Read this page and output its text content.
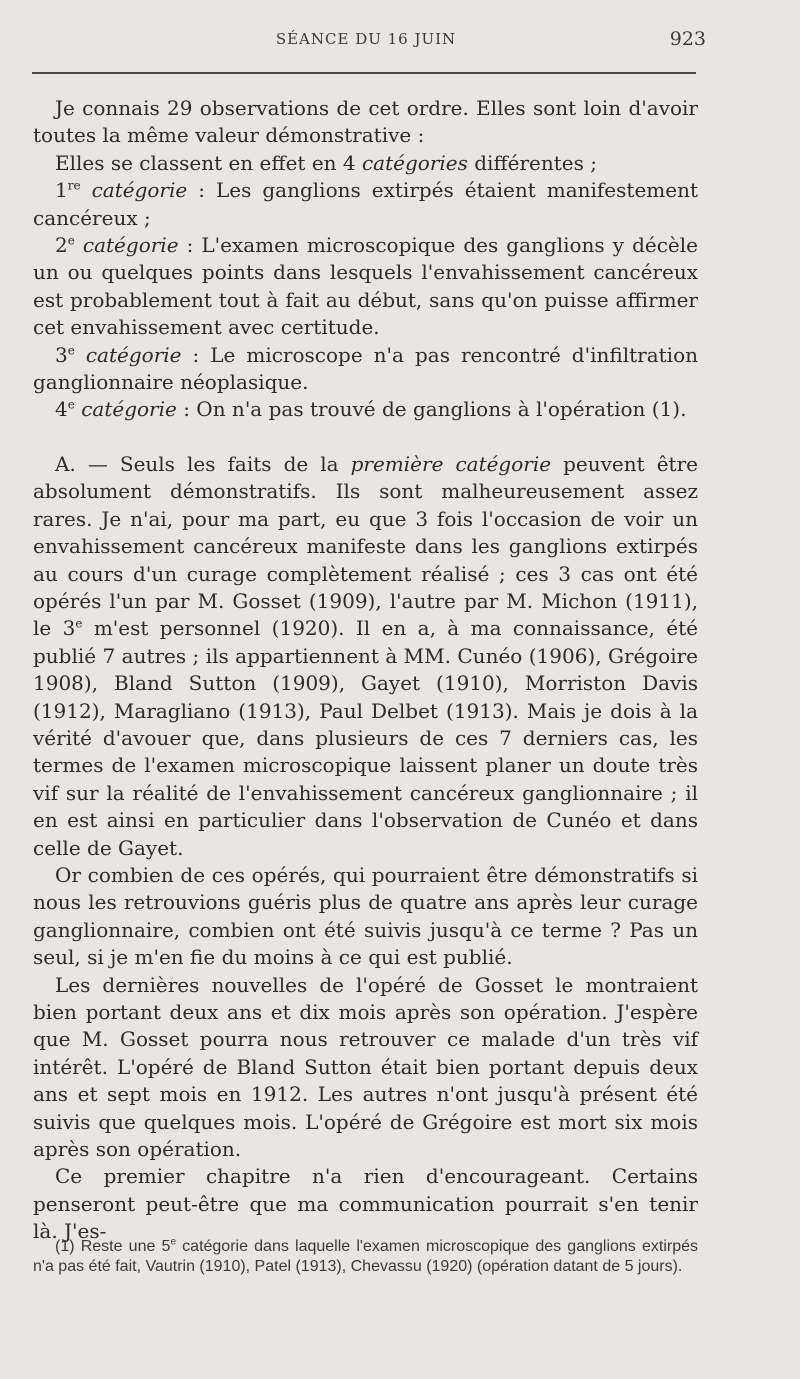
SÉANCE DU 16 JUIN	923

Je connais 29 observations de cet ordre. Elles sont loin d'avoir toutes la même valeur démonstrative :

Elles se classent en effet en 4 catégories différentes ;

1re catégorie : Les ganglions extirpés étaient manifestement cancéreux ;

2e catégorie : L'examen microscopique des ganglions y décèle un ou quelques points dans lesquels l'envahissement cancéreux est probablement tout à fait au début, sans qu'on puisse affirmer cet envahissement avec certitude.

3e catégorie : Le microscope n'a pas rencontré d'infiltration ganglionnaire néoplasique.

4e catégorie : On n'a pas trouvé de ganglions à l'opération (1).

A. — Seuls les faits de la première catégorie peuvent être absolument démonstratifs. Ils sont malheureusement assez rares. Je n'ai, pour ma part, eu que 3 fois l'occasion de voir un envahissement cancéreux manifeste dans les ganglions extirpés au cours d'un curage complètement réalisé ; ces 3 cas ont été opérés l'un par M. Gosset (1909), l'autre par M. Michon (1911), le 3e m'est personnel (1920). Il en a, à ma connaissance, été publié 7 autres ; ils appartiennent à MM. Cunéo (1906), Grégoire 1908), Bland Sutton (1909), Gayet (1910), Morriston Davis (1912), Maragliano (1913), Paul Delbet (1913). Mais je dois à la vérité d'avouer que, dans plusieurs de ces 7 derniers cas, les termes de l'examen microscopique laissent planer un doute très vif sur la réalité de l'envahissement cancéreux ganglionnaire ; il en est ainsi en particulier dans l'observation de Cunéo et dans celle de Gayet.

Or combien de ces opérés, qui pourraient être démonstratifs si nous les retrouvions guéris plus de quatre ans après leur curage ganglionnaire, combien ont été suivis jusqu'à ce terme ? Pas un seul, si je m'en fie du moins à ce qui est publié.

Les dernières nouvelles de l'opéré de Gosset le montraient bien portant deux ans et dix mois après son opération. J'espère que M. Gosset pourra nous retrouver ce malade d'un très vif intérêt. L'opéré de Bland Sutton était bien portant depuis deux ans et sept mois en 1912. Les autres n'ont jusqu'à présent été suivis que quelques mois. L'opéré de Grégoire est mort six mois après son opération.

Ce premier chapitre n'a rien d'encourageant. Certains penseront peut-être que ma communication pourrait s'en tenir là. J'es-

(1) Reste une 5e catégorie dans laquelle l'examen microscopique des ganglions extirpés n'a pas été fait, Vautrin (1910), Patel (1913), Chevassu (1920) (opération datant de 5 jours).
